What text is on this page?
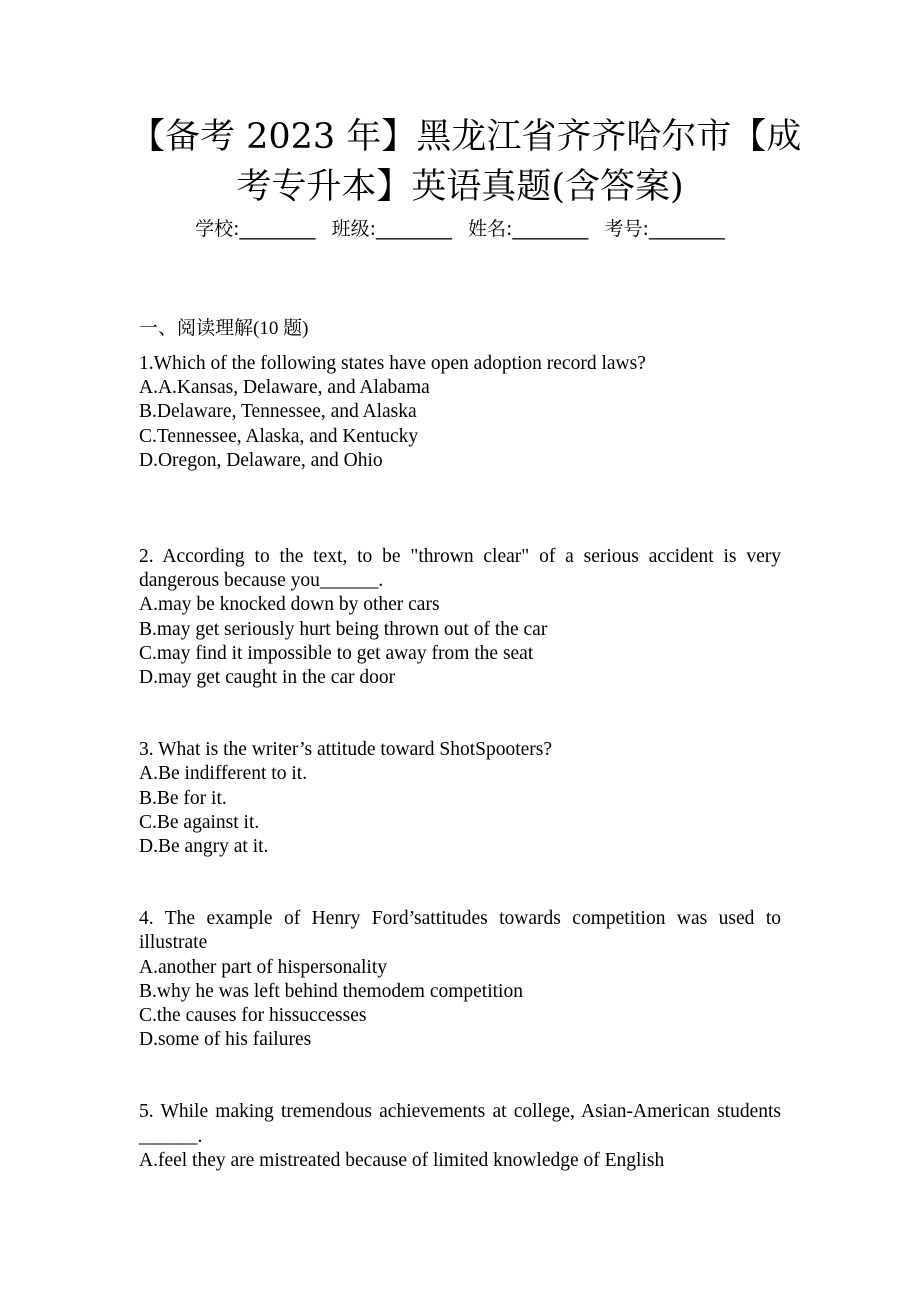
【备考 2023 年】黑龙江省齐齐哈尔市【成
考专升本】英语真题(含答案)
学校:________ 班级:________ 姓名:________ 考号:________
一、阅读理解(10 题)
1.Which of the following states have open adoption record laws?
A.A.Kansas, Delaware, and Alabama
B.Delaware, Tennessee, and Alaska
C.Tennessee, Alaska, and Kentucky
D.Oregon, Delaware, and Ohio
2. According to the text, to be "thrown clear" of a serious accident is very dangerous because you______.
A.may be knocked down by other cars
B.may get seriously hurt being thrown out of the car
C.may find it impossible to get away from the seat
D.may get caught in the car door
3. What is the writer’s attitude toward ShotSpooters?
A.Be indifferent to it.
B.Be for it.
C.Be against it.
D.Be angry at it.
4. The example of Henry Ford’sattitudes towards competition was used to illustrate
A.another part of hispersonality
B.why he was left behind themodem competition
C.the causes for hissuccesses
D.some of his failures
5. While making tremendous achievements at college, Asian-American students ______.
A.feel they are mistreated because of limited knowledge of English
